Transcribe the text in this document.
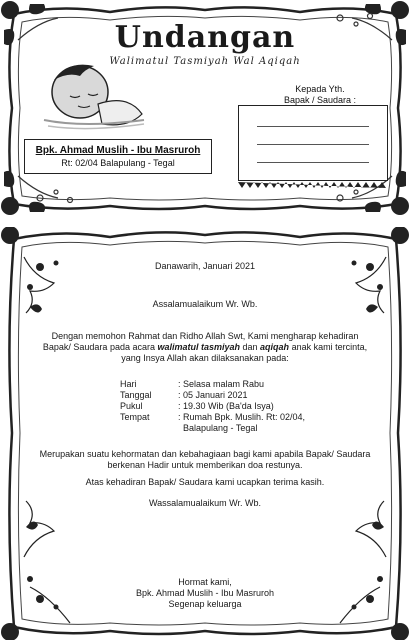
Undangan
Walimatul Tasmiyah Wal Aqiqah
Kepada Yth.
Bapak / Saudara :
Bpk. Ahmad Muslih - Ibu Masruroh
Rt: 02/04 Balapulang - Tegal
Danawarih, Januari 2021
Assalamualaikum Wr. Wb.
Dengan memohon Rahmat dan Ridho Allah Swt, Kami mengharap kehadiran
Bapak/ Saudara pada acara walimatul tasmiyah dan aqiqah anak kami tercinta,
yang Insya Allah akan dilaksanakan pada:
Hari	: Selasa malam Rabu
Tanggal	: 05 Januari 2021
Pukul	: 19.30 Wib (Ba'da Isya)
Tempat	: Rumah Bpk. Muslih. Rt: 02/04,
Balapulang - Tegal
Merupakan suatu kehormatan dan kebahagiaan bagi kami apabila Bapak/ Saudara
berkenan Hadir untuk memberikan doa restunya.
Atas kehadiran Bapak/ Saudara kami ucapkan terima kasih.
Wassalamualaikum Wr. Wb.
Hormat kami,
Bpk. Ahmad Muslih - Ibu Masruroh
Segenap keluarga
